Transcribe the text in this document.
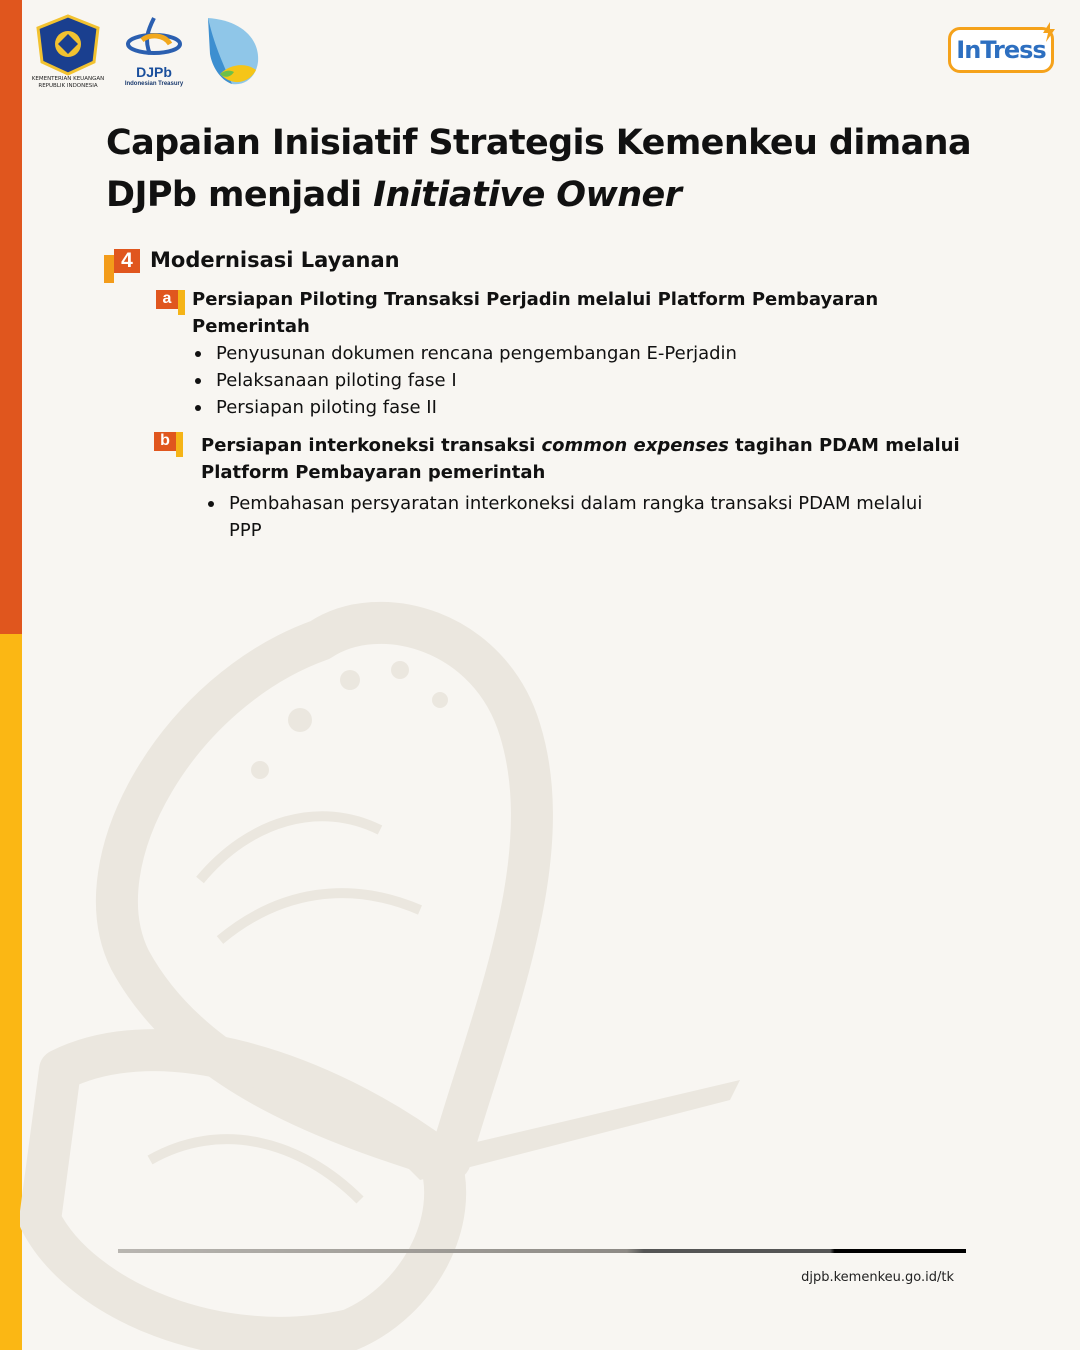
KEMENTERIAN KEUANGAN
REPUBLIK INDONESIA
DJPb
Indonesian Treasury
InTress
Capaian Inisiatif Strategis Kemenkeu dimana
DJPb menjadi Initiative Owner
4 Modernisasi Layanan
a	Persiapan Piloting Transaksi Perjadin melalui Platform Pembayaran
Pemerintah
Penyusunan dokumen rencana pengembangan E-Perjadin
Pelaksanaan piloting fase I
Persiapan piloting fase II
b	Persiapan interkoneksi transaksi common expenses tagihan PDAM melalui
Platform Pembayaran pemerintah
Pembahasan persyaratan interkoneksi dalam rangka transaksi PDAM melalui PPP
djpb.kemenkeu.go.id/tk
